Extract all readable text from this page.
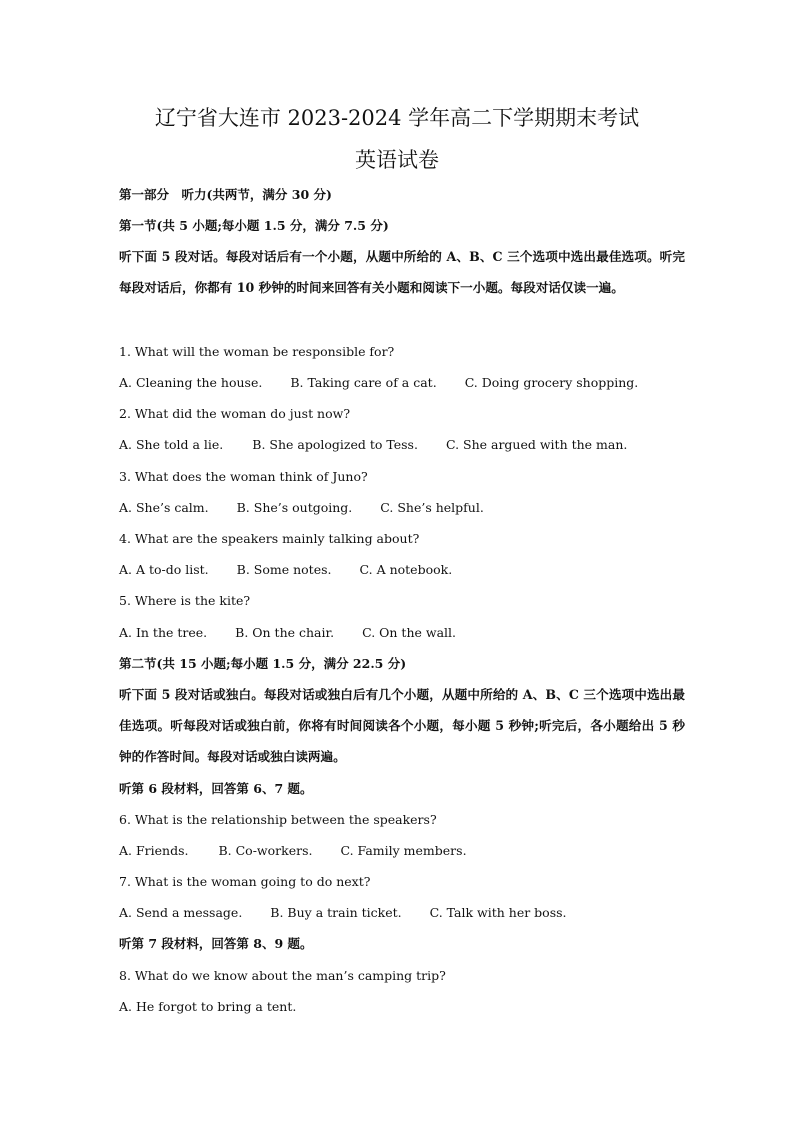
辽宁省大连市 2023-2024 学年高二下学期期末考试
英语试卷
第一部分　听力(共两节，满分 30 分)
第一节(共 5 小题;每小题 1.5 分，满分 7.5 分)
听下面 5 段对话。每段对话后有一个小题，从题中所给的 A、B、C 三个选项中选出最佳选项。听完每段对话后，你都有 10 秒钟的时间来回答有关小题和阅读下一小题。每段对话仅读一遍。
1. What will the woman be responsible for?
A. Cleaning the house. B. Taking care of a cat. C. Doing grocery shopping.
2. What did the woman do just now?
A. She told a lie. B. She apologized to Tess. C. She argued with the man.
3. What does the woman think of Juno?
A. She’s calm. B. She’s outgoing. C. She’s helpful.
4. What are the speakers mainly talking about?
A. A to-do list. B. Some notes. C. A notebook.
5. Where is the kite?
A. In the tree. B. On the chair. C. On the wall.
第二节(共 15 小题;每小题 1.5 分，满分 22.5 分)
听下面 5 段对话或独白。每段对话或独白后有几个小题，从题中所给的 A、B、C 三个选项中选出最佳选项。听每段对话或独白前，你将有时间阅读各个小题，每小题 5 秒钟;听完后，各小题给出 5 秒钟的作答时间。每段对话或独白读两遍。
听第 6 段材料，回答第 6、7 题。
6. What is the relationship between the speakers?
A. Friends. B. Co-workers. C. Family members.
7. What is the woman going to do next?
A. Send a message. B. Buy a train ticket. C. Talk with her boss.
听第 7 段材料，回答第 8、9 题。
8. What do we know about the man’s camping trip?
A. He forgot to bring a tent.
